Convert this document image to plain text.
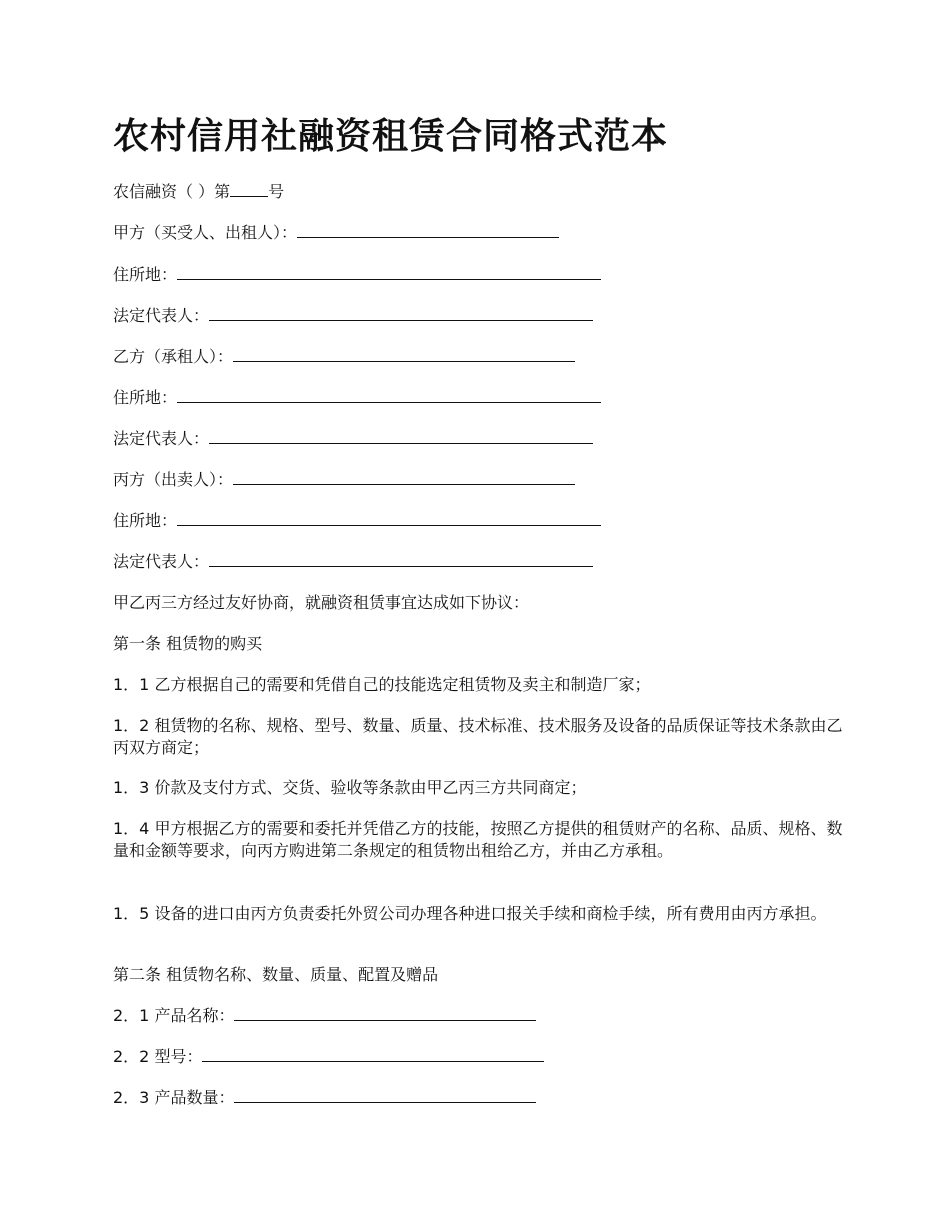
农村信用社融资租赁合同格式范本
农信融资（ ）第 号
甲方（买受人、出租人）：
住所地：
法定代表人：
乙方（承租人）：
住所地：
法定代表人：
丙方（出卖人）：
住所地：
法定代表人：
甲乙丙三方经过友好协商，就融资租赁事宜达成如下协议：
第一条 租赁物的购买
1．1 乙方根据自己的需要和凭借自己的技能选定租赁物及卖主和制造厂家；
1．2 租赁物的名称、规格、型号、数量、质量、技术标准、技术服务及设备的品质保证等技术条款由乙丙双方商定；
1．3 价款及支付方式、交货、验收等条款由甲乙丙三方共同商定；
1．4 甲方根据乙方的需要和委托并凭借乙方的技能，按照乙方提供的租赁财产的名称、品质、规格、数量和金额等要求，向丙方购进第二条规定的租赁物出租给乙方，并由乙方承租。
1．5 设备的进口由丙方负责委托外贸公司办理各种进口报关手续和商检手续，所有费用由丙方承担。
第二条 租赁物名称、数量、质量、配置及赠品
2．1 产品名称：
2．2 型号：
2．3 产品数量：
